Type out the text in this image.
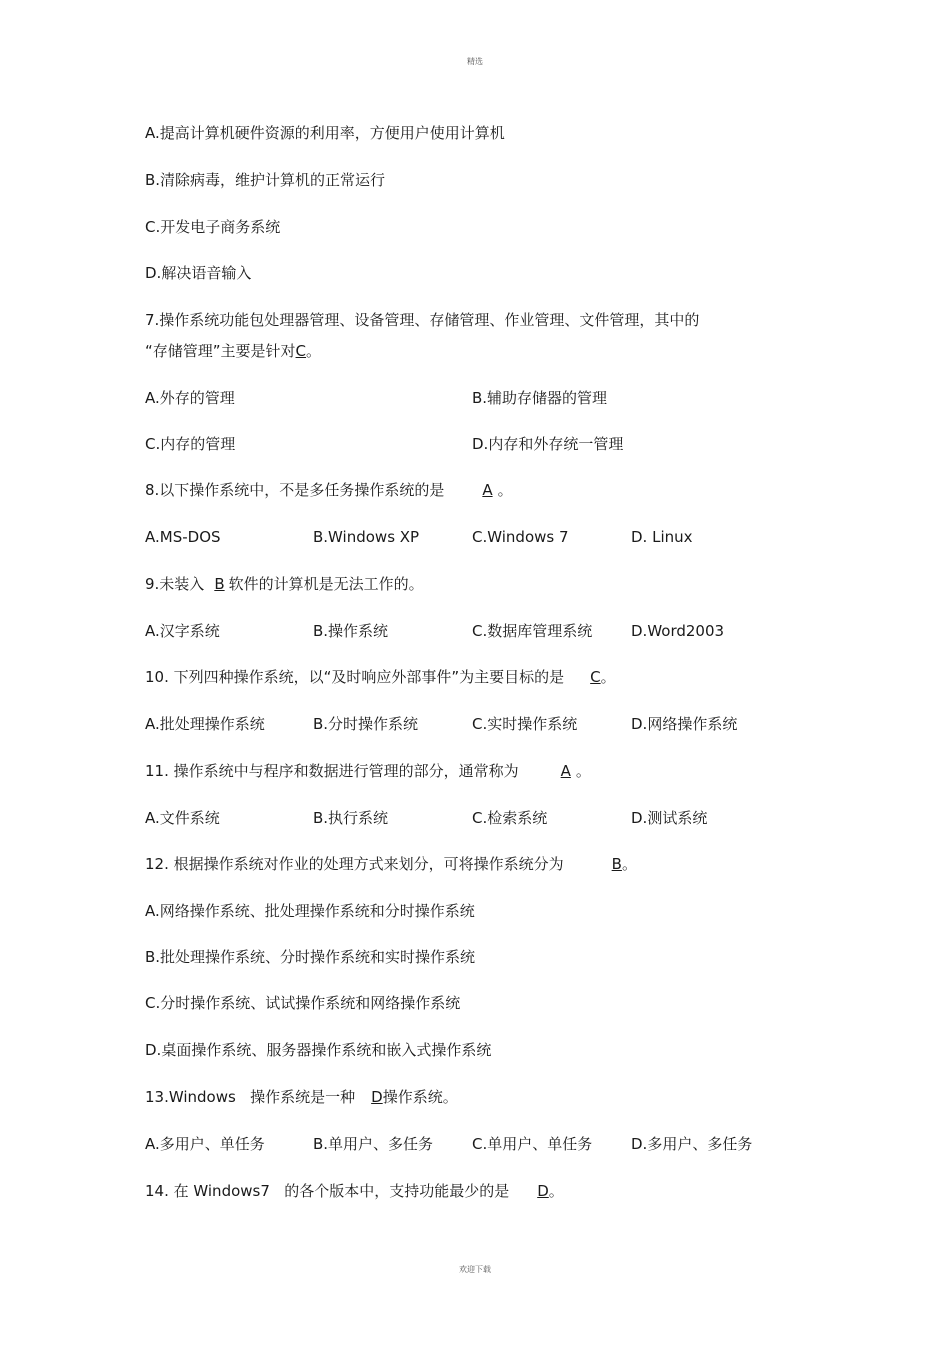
精选
A.提高计算机硬件资源的利用率，方便用户使用计算机
B.清除病毒，维护计算机的正常运行
C.开发电子商务系统
D.解决语音输入
7.操作系统功能包处理器管理、设备管理、存储管理、作业管理、文件管理，其中的
“存储管理”主要是针对C。
A.外存的管理	B.辅助存储器的管理
C.内存的管理	D.内存和外存统一管理
8.以下操作系统中，不是多任务操作系统的是	A 。
A.MS-DOS	B.Windows XP	C.Windows 7	D. Linux
9.未装入 B 软件的计算机是无法工作的。
A.汉字系统	B.操作系统	C.数据库管理系统	D.Word2003
10. 下列四种操作系统，以“及时响应外部事件”为主要目标的是 C。
A.批处理操作系统	B.分时操作系统	C.实时操作系统	D.网络操作系统
11. 操作系统中与程序和数据进行管理的部分，通常称为	A 。
A.文件系统	B.执行系统	C.检索系统	D.测试系统
12. 根据操作系统对作业的处理方式来划分，可将操作系统分为	B。
A.网络操作系统、批处理操作系统和分时操作系统
B.批处理操作系统、分时操作系统和实时操作系统
C.分时操作系统、试试操作系统和网络操作系统
D.桌面操作系统、服务器操作系统和嵌入式操作系统
13.Windows   操作系统是一种 D操作系统。
A.多用户、单任务	B.单用户、多任务	C.单用户、单任务	D.多用户、多任务
14. 在 Windows7   的各个版本中，支持功能最少的是 D。
欢迎下载
